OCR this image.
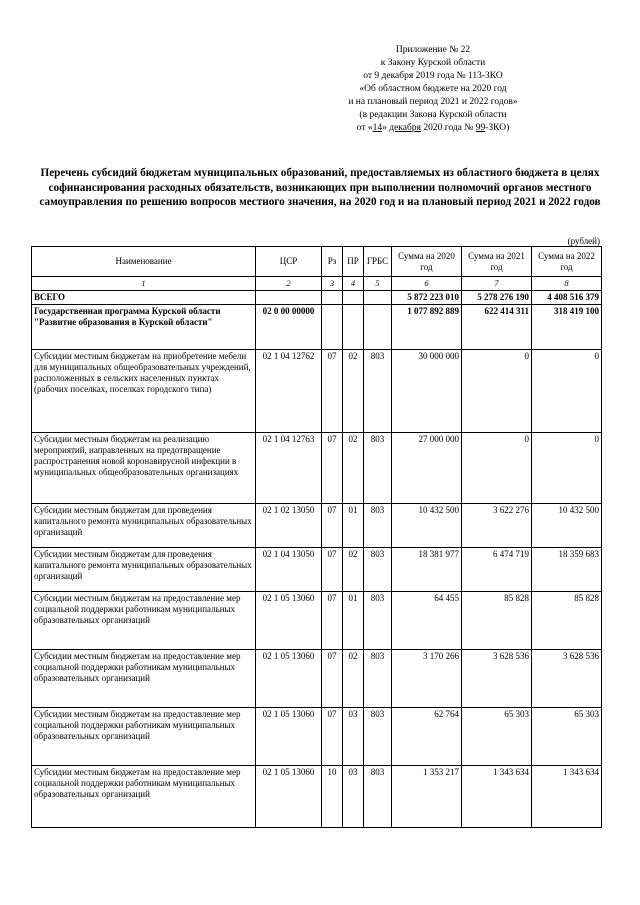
Приложение № 22
к Закону Курской области
от 9 декабря 2019 года № 113-ЗКО
«Об областном бюджете на 2020 год
и на плановый период 2021 и 2022 годов»
(в редакции Закона Курской области
от «14» декабря 2020 года № 99-ЗКО)
Перечень субсидий бюджетам муниципальных образований, предоставляемых из областного бюджета в целях софинансирования расходных обязательств, возникающих при выполнении полномочий органов местного самоуправления по решению вопросов местного значения, на 2020 год и на плановый период 2021 и 2022 годов
(рублей)
Наименование	ЦСР	Рз	ПР	ГРБС	Сумма на 2020 год	Сумма на 2021 год	Сумма на 2022 год
1	2	3	4	5	6	7	8
ВСЕГО					5 872 223 010	5 278 276 190	4 408 516 379
Государственная программа Курской области "Развитие образования в Курской области"	02 0 00 00000				1 077 892 889	622 414 311	318 419 100
Субсидии местным бюджетам на приобретение мебели для муниципальных общеобразовательных учреждений, расположенных в сельских населенных пунктах (рабочих поселках, поселках городского типа)	02 1 04 12762	07	02	803	30 000 000	0	0
Субсидии местным бюджетам на реализацию мероприятий, направленных на предотвращение распространения новой коронавирусной инфекции в муниципальных общеобразовательных организациях	02 1 04 12763	07	02	803	27 000 000	0	0
Субсидии местным бюджетам для проведения капитального ремонта муниципальных образовательных организаций	02 1 02 13050	07	01	803	10 432 500	3 622 276	10 432 500
Субсидии местным бюджетам для проведения капитального ремонта муниципальных образовательных организаций	02 1 04 13050	07	02	803	18 381 977	6 474 719	18 359 683
Субсидии местным бюджетам на предоставление мер социальной поддержки работникам муниципальных образовательных организаций	02 1 05 13060	07	01	803	64 455	85 828	85 828
Субсидии местным бюджетам на предоставление мер социальной поддержки работникам муниципальных образовательных организаций	02 1 05 13060	07	02	803	3 170 266	3 628 536	3 628 536
Субсидии местным бюджетам на предоставление мер социальной поддержки работникам муниципальных образовательных организаций	02 1 05 13060	07	03	803	62 764	65 303	65 303
Субсидии местным бюджетам на предоставление мер социальной поддержки работникам муниципальных образовательных организаций	02 1 05 13060	10	03	803	1 353 217	1 343 634	1 343 634
